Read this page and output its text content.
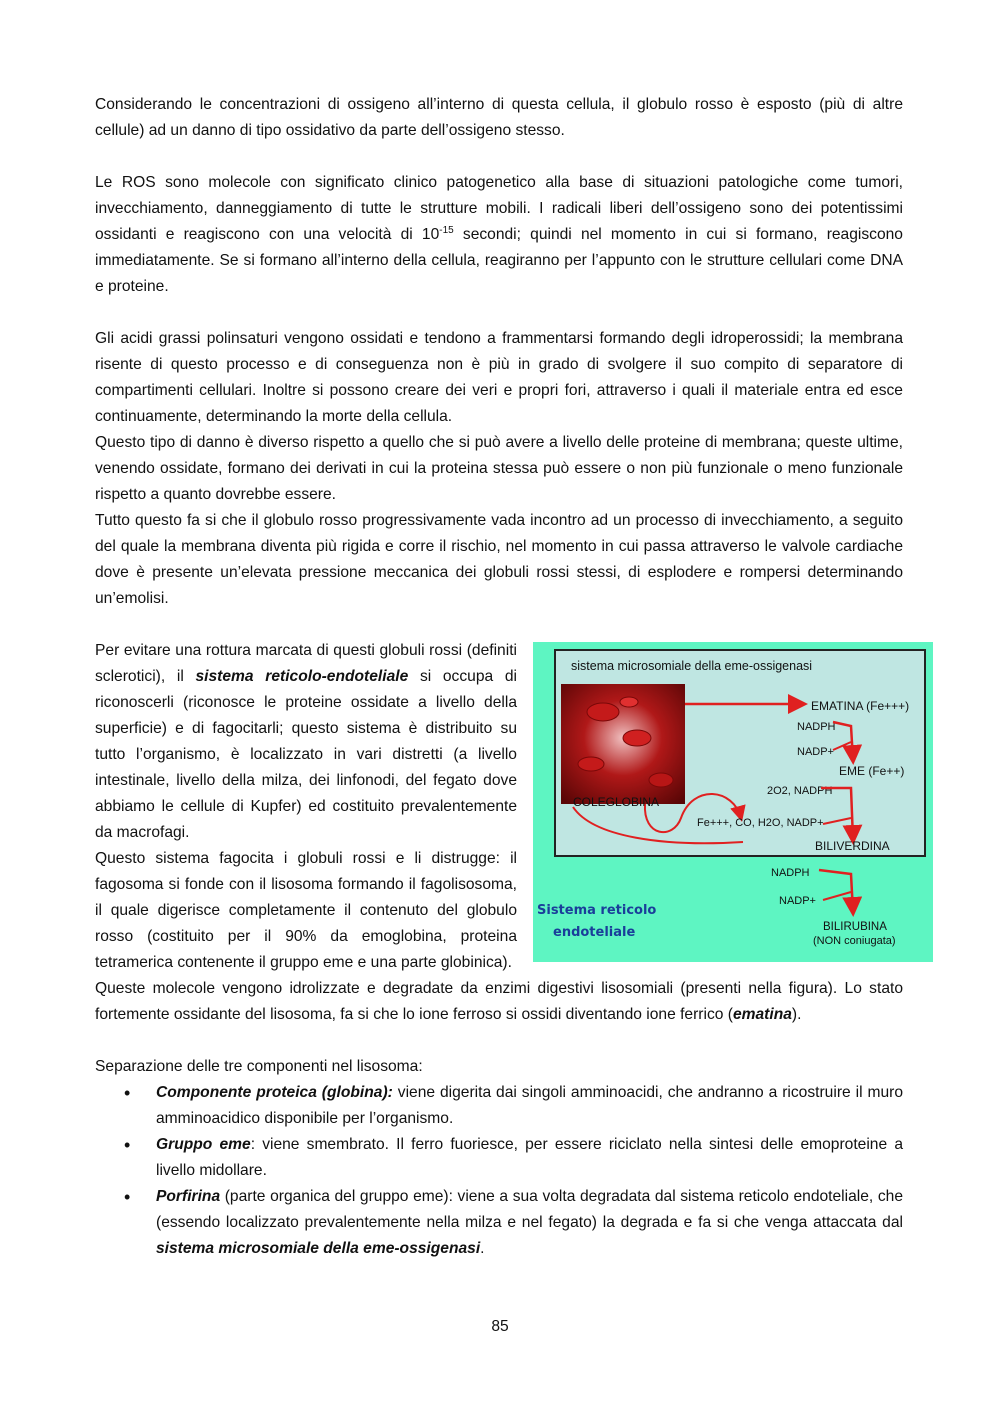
Considerando le concentrazioni di ossigeno all’interno di questa cellula, il globulo rosso è esposto (più di altre cellule) ad un danno di tipo ossidativo da parte dell’ossigeno stesso.

Le ROS sono molecole con significato clinico patogenetico alla base di situazioni patologiche come tumori, invecchiamento, danneggiamento di tutte le strutture mobili. I radicali liberi dell’ossigeno sono dei potentissimi ossidanti e reagiscono con una velocità di $10^{-15}$ secondi; quindi nel momento in cui si formano, reagiscono immediatamente. Se si formano all’interno della cellula, reagiranno per l’appunto con le strutture cellulari come DNA e proteine.

Gli acidi grassi polinsaturi vengono ossidati e tendono a frammentarsi formando degli idroperossidi; la membrana risente di questo processo e di conseguenza non è più in grado di svolgere il suo compito di separatore di compartimenti cellulari. Inoltre si possono creare dei veri e propri fori, attraverso i quali il materiale entra ed esce continuamente, determinando la morte della cellula.

Questo tipo di danno è diverso rispetto a quello che si può avere a livello delle proteine di membrana; queste ultime, venendo ossidate, formano dei derivati in cui la proteina stessa può essere o non più funzionale o meno funzionale rispetto a quanto dovrebbe essere.

Tutto questo fa si che il globulo rosso progressivamente vada incontro ad un processo di invecchiamento, a seguito del quale la membrana diventa più rigida e corre il rischio, nel momento in cui passa attraverso le valvole cardiache dove è presente un’elevata pressione meccanica dei globuli rossi stessi, di esplodere e rompersi determinando un’emolisi.

sistema microsomiale della eme-ossigenasi
EMATINA (Fe+++)
NADPH
NADP+
EME (Fe++)
2O2, NADPH
COLEGLOBINA
Fe+++, CO, H2O, NADP+
BILIVERDINA
NADPH
NADP+
BILIRUBINA
(NON coniugata)
Sistema reticolo
endoteliale

Per evitare una rottura marcata di questi globuli rossi (definiti sclerotici), il sistema reticolo-endoteliale si occupa di riconoscerli (riconosce le proteine ossidate a livello della superficie) e di fagocitarli; questo sistema è distribuito su tutto l’organismo, è localizzato in vari distretti (a livello intestinale, livello della milza, dei linfonodi, del fegato dove abbiamo le cellule di Kupfer) ed costituito prevalentemente da macrofagi.

Questo sistema fagocita i globuli rossi e li distrugge: il fagosoma si fonde con il lisosoma formando il fagolisosoma, il quale digerisce completamente il contenuto del globulo rosso (costituito per il 90% da emoglobina, proteina tetramerica contenente il gruppo eme e una parte globinica).

Queste molecole vengono idrolizzate e degradate da enzimi digestivi lisosomiali (presenti nella figura). Lo stato fortemente ossidante del lisosoma, fa si che lo ione ferroso si ossidi diventando ione ferrico (ematina).

Separazione delle tre componenti nel lisosoma:

• Componente proteica (globina): viene digerita dai singoli amminoacidi, che andranno a ricostruire il muro amminoacidico disponibile per l’organismo.
• Gruppo eme: viene smembrato. Il ferro fuoriesce, per essere riciclato nella sintesi delle emoproteine a livello midollare.
• Porfirina (parte organica del gruppo eme): viene a sua volta degradata dal sistema reticolo endoteliale, che (essendo localizzato prevalentemente nella milza e nel fegato) la degrada e fa si che venga attaccata dal sistema microsomiale della eme-ossigenasi.
85
